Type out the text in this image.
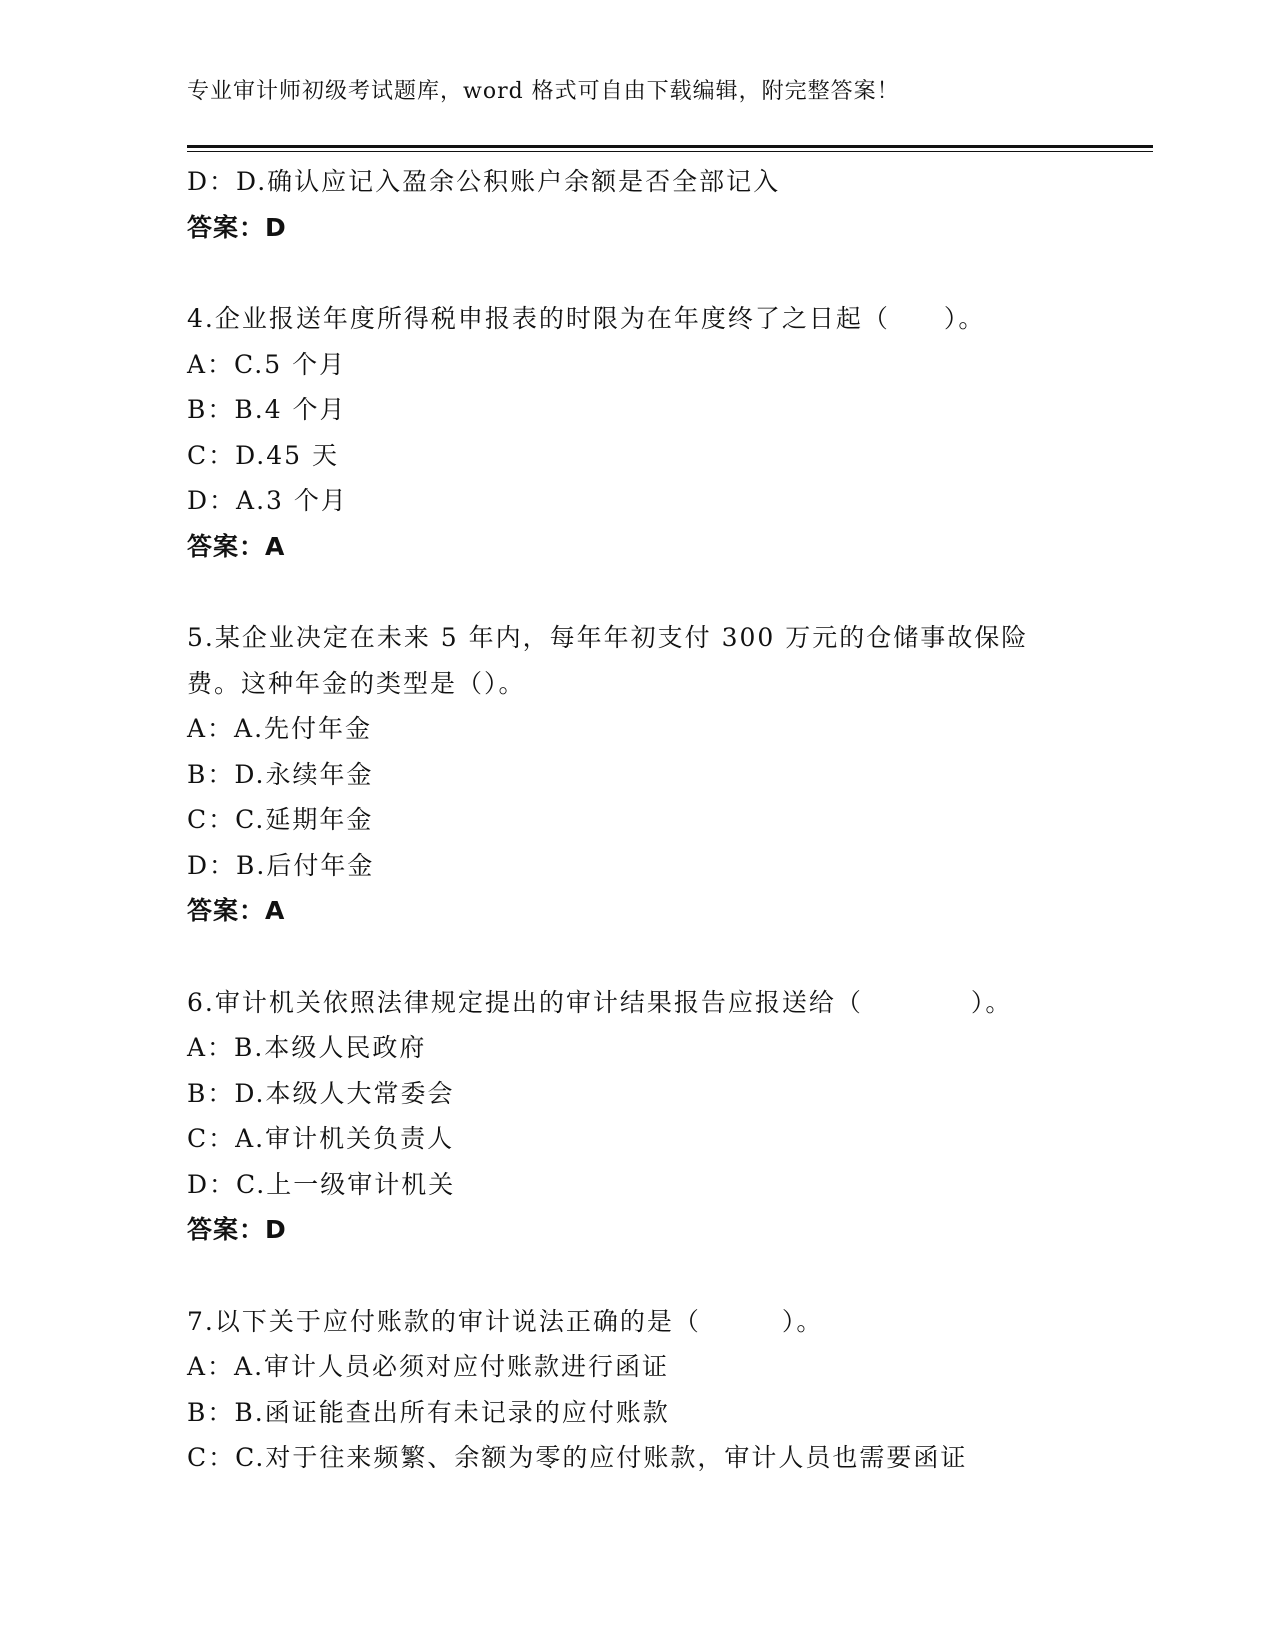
专业审计师初级考试题库，word 格式可自由下载编辑，附完整答案！
D：D.确认应记入盈余公积账户余额是否全部记入
答案：D
4.企业报送年度所得税申报表的时限为在年度终了之日起（　　）。
A：C.5 个月
B：B.4 个月
C：D.45 天
D：A.3 个月
答案：A
5.某企业决定在未来 5 年内，每年年初支付 300 万元的仓储事故保险
费。这种年金的类型是（）。
A：A.先付年金
B：D.永续年金
C：C.延期年金
D：B.后付年金
答案：A
6.审计机关依照法律规定提出的审计结果报告应报送给（　　　　）。
A：B.本级人民政府
B：D.本级人大常委会
C：A.审计机关负责人
D：C.上一级审计机关
答案：D
7.以下关于应付账款的审计说法正确的是（　　　）。
A：A.审计人员必须对应付账款进行函证
B：B.函证能查出所有未记录的应付账款
C：C.对于往来频繁、余额为零的应付账款，审计人员也需要函证
